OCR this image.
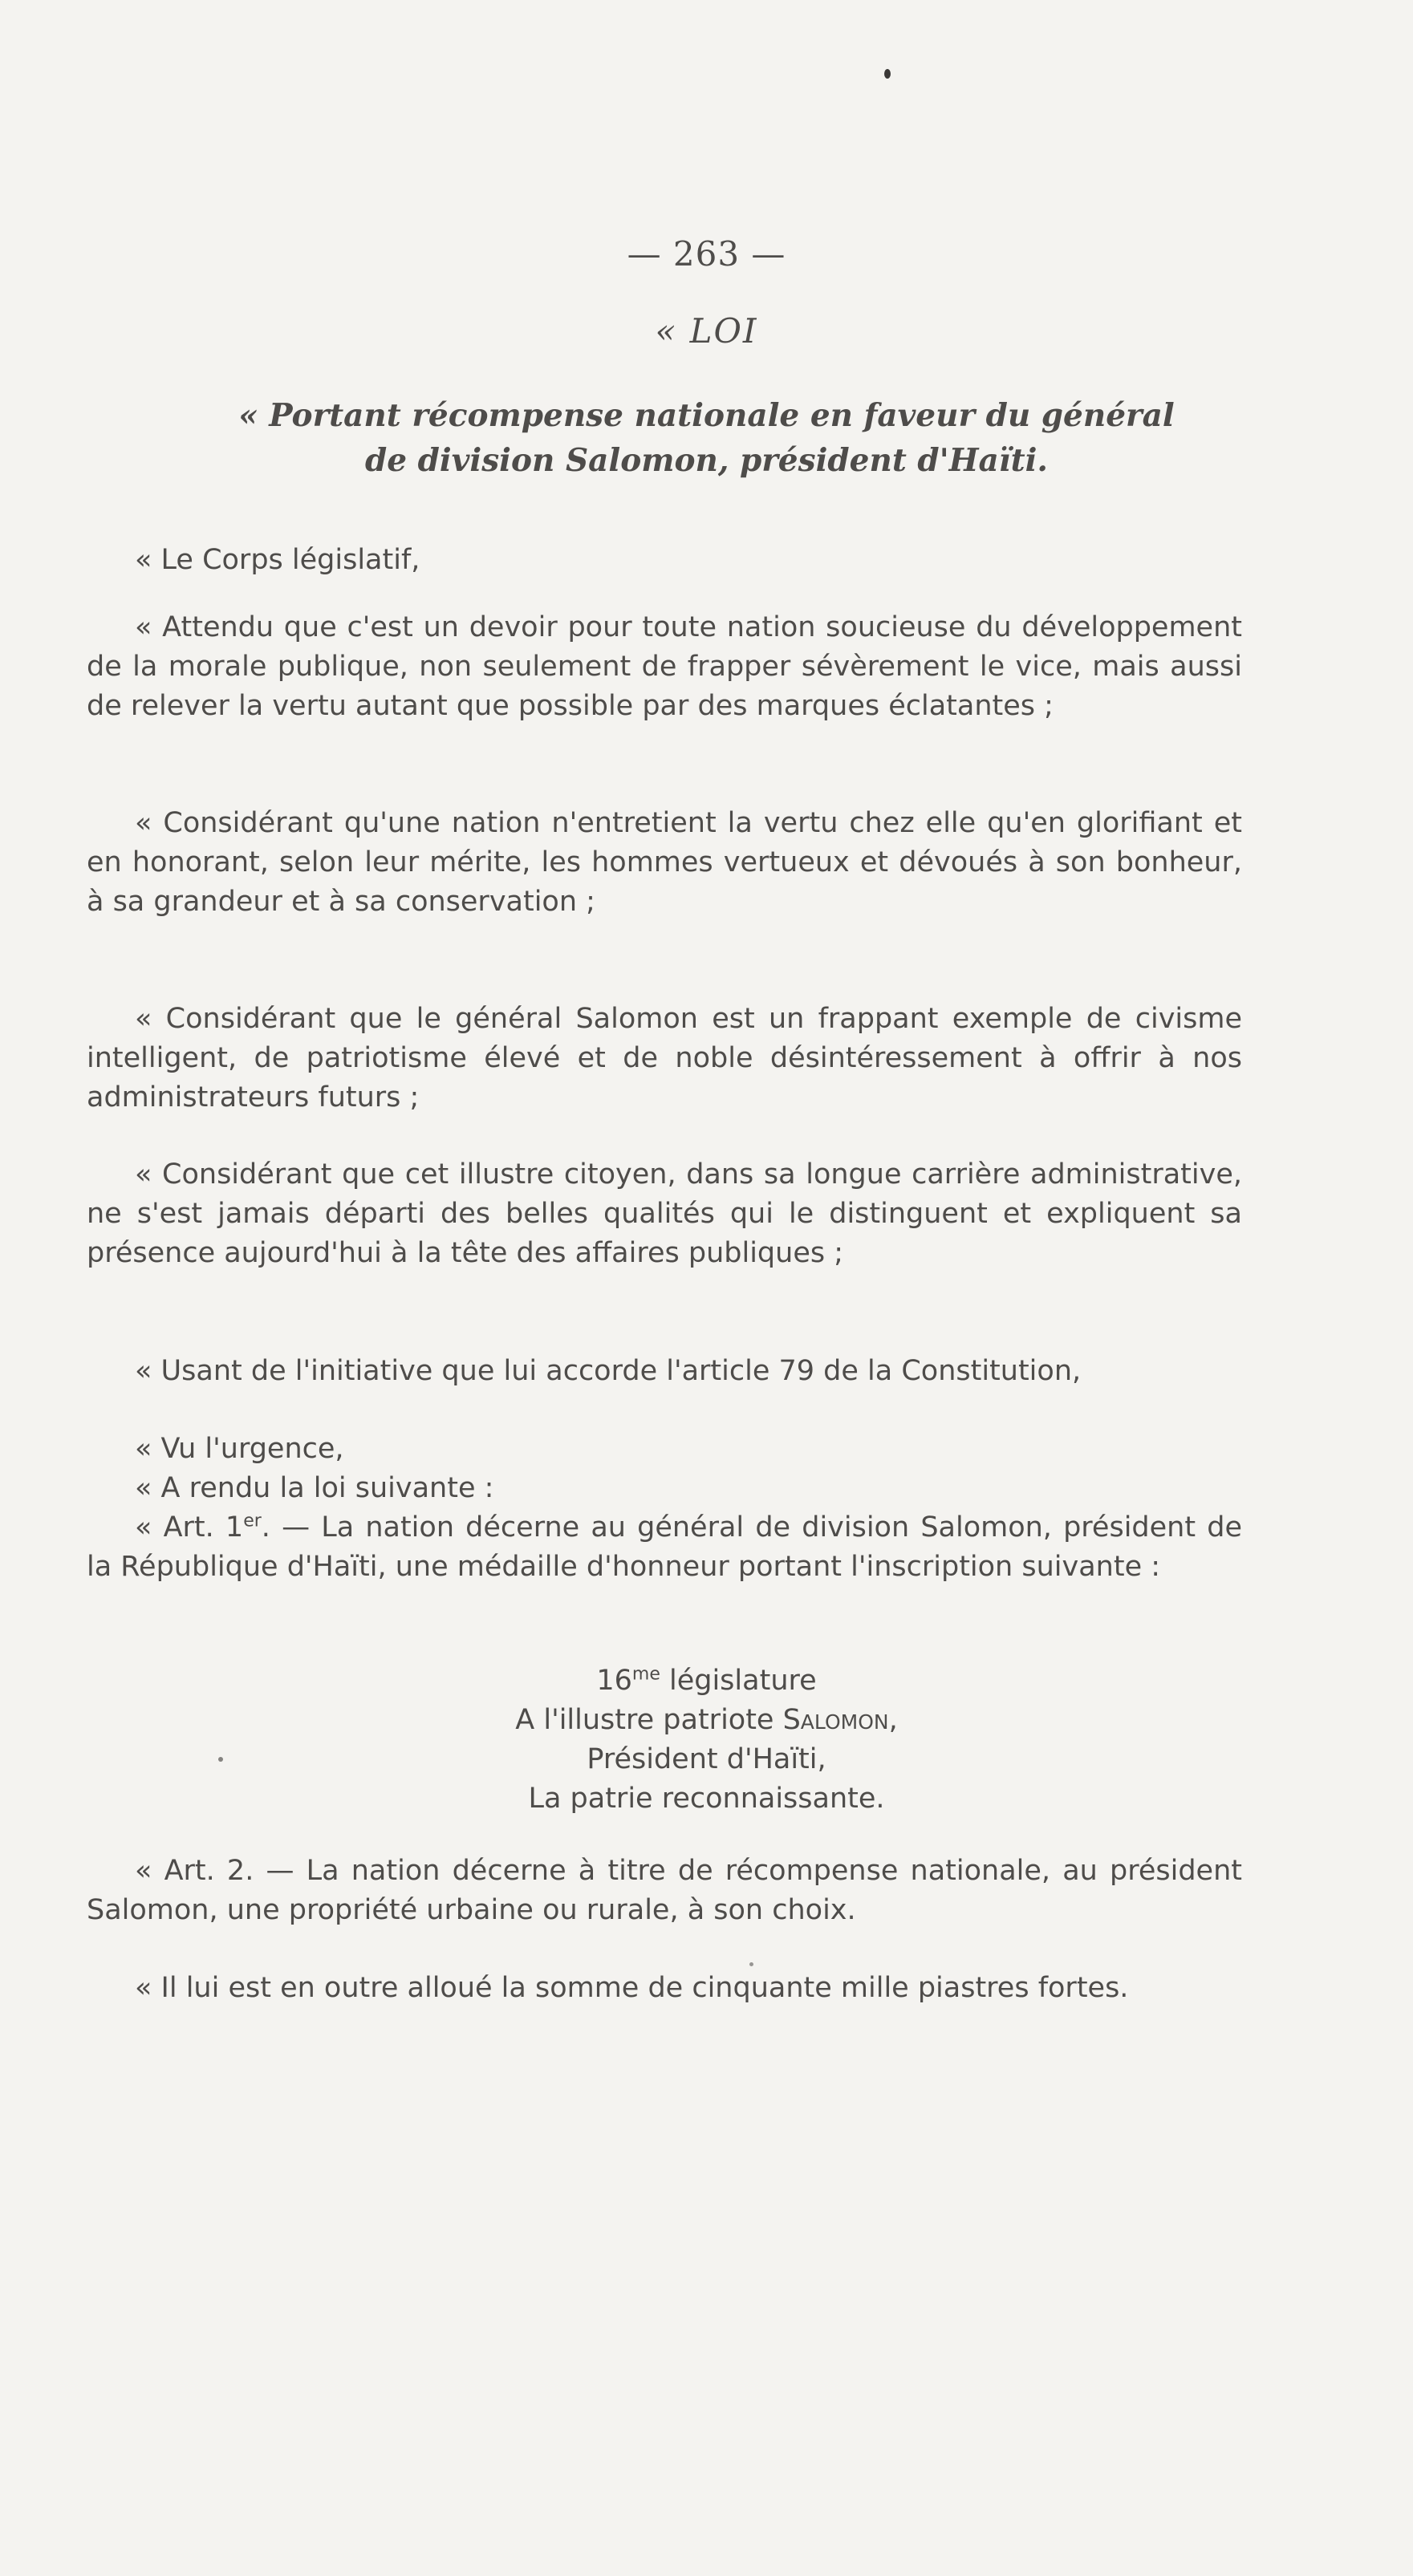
— 263 —
« LOI
« Portant récompense nationale en faveur du général
de division Salomon, président d'Haïti.
« Le Corps législatif,
« Attendu que c'est un devoir pour toute nation soucieuse du développement de la morale publique, non seulement de frapper sévèrement le vice, mais aussi de relever la vertu autant que possible par des marques éclatantes ;
« Considérant qu'une nation n'entretient la vertu chez elle qu'en glorifiant et en honorant, selon leur mérite, les hommes vertueux et dévoués à son bonheur, à sa grandeur et à sa conservation ;
« Considérant que le général Salomon est un frappant exemple de civisme intelligent, de patriotisme élevé et de noble désintéressement à offrir à nos administrateurs futurs ;
« Considérant que cet illustre citoyen, dans sa longue carrière administrative, ne s'est jamais départi des belles qualités qui le distinguent et expliquent sa présence aujourd'hui à la tête des affaires publiques ;
« Usant de l'initiative que lui accorde l'article 79 de la Constitution,
« Vu l'urgence,
« A rendu la loi suivante :
« Art. 1er. — La nation décerne au général de division Salomon, président de la République d'Haïti, une médaille d'honneur portant l'inscription suivante :
$16^{me}$ législature
A l'illustre patriote Salomon,
Président d'Haïti,
La patrie reconnaissante.
« Art. 2. — La nation décerne à titre de récompense nationale, au président Salomon, une propriété urbaine ou rurale, à son choix.
« Il lui est en outre alloué la somme de cinquante mille piastres fortes.
